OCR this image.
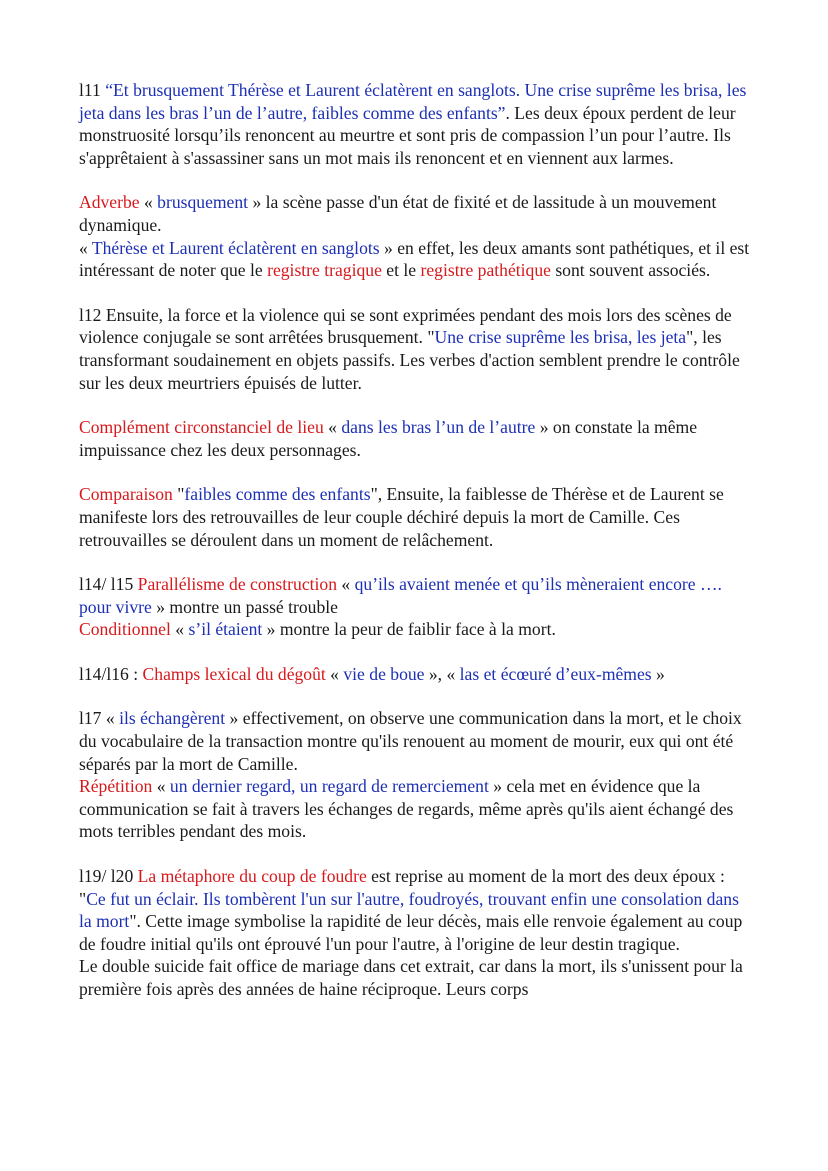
l11 “Et brusquement Thérèse et Laurent éclatèrent en sanglots. Une crise suprême les brisa, les jeta dans les bras l’un de l’autre, faibles comme des enfants”. Les deux époux perdent de leur monstruosité lorsqu’ils renoncent au meurtre et sont pris de compassion l’un pour l’autre. Ils s'apprêtaient à s'assassiner sans un mot mais ils renoncent et en viennent aux larmes.

Adverbe « brusquement » la scène passe d'un état de fixité et de lassitude à un mouvement dynamique.
« Thérèse et Laurent éclatèrent en sanglots » en effet, les deux amants sont pathétiques, et il est intéressant de noter que le registre tragique et le registre pathétique sont souvent associés.

l12 Ensuite, la force et la violence qui se sont exprimées pendant des mois lors des scènes de violence conjugale se sont arrêtées brusquement. "Une crise suprême les brisa, les jeta", les transformant soudainement en objets passifs. Les verbes d'action semblent prendre le contrôle sur les deux meurtriers épuisés de lutter.

Complément circonstanciel de lieu « dans les bras l’un de l’autre » on constate la même impuissance chez les deux personnages.

Comparaison "faibles comme des enfants", Ensuite, la faiblesse de Thérèse et de Laurent se manifeste lors des retrouvailles de leur couple déchiré depuis la mort de Camille. Ces retrouvailles se déroulent dans un moment de relâchement.

l14/ l15 Parallélisme de construction « qu’ils avaient menée et qu’ils mèneraient encore …. pour vivre » montre un passé trouble
Conditionnel « s’il étaient » montre la peur de faiblir face à la mort.

l14/l16 : Champs lexical du dégoût « vie de boue », « las et écœuré d’eux-mêmes »

l17 « ils échangèrent » effectivement, on observe une communication dans la mort, et le choix du vocabulaire de la transaction montre qu'ils renouent au moment de mourir, eux qui ont été séparés par la mort de Camille.
Répétition « un dernier regard, un regard de remerciement » cela met en évidence que la communication se fait à travers les échanges de regards, même après qu'ils aient échangé des mots terribles pendant des mois.

l19/ l20 La métaphore du coup de foudre est reprise au moment de la mort des deux époux : "Ce fut un éclair. Ils tombèrent l'un sur l'autre, foudroyés, trouvant enfin une consolation dans la mort". Cette image symbolise la rapidité de leur décès, mais elle renvoie également au coup de foudre initial qu'ils ont éprouvé l'un pour l'autre, à l'origine de leur destin tragique.
Le double suicide fait office de mariage dans cet extrait, car dans la mort, ils s'unissent pour la première fois après des années de haine réciproque. Leurs corps
